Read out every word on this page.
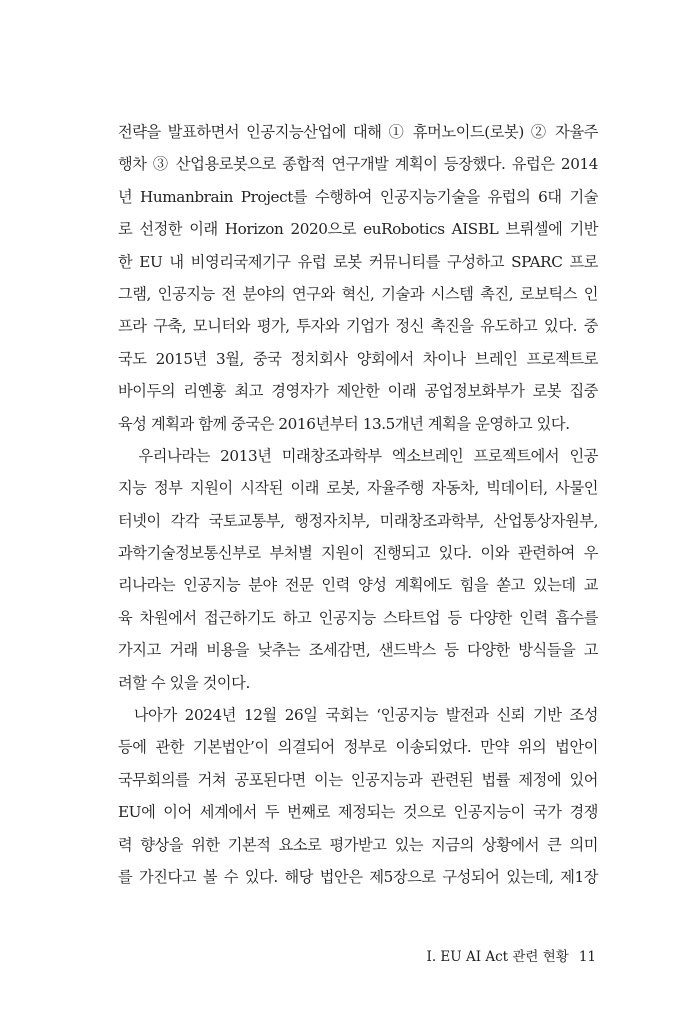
전략을 발표하면서 인공지능산업에 대해 ① 휴머노이드(로봇) ② 자율주
행차 ③ 산업용로봇으로 종합적 연구개발 계획이 등장했다. 유럽은 2014
년 Humanbrain Project를 수행하여 인공지능기술을 유럽의 6대 기술
로 선정한 이래 Horizon 2020으로 euRobotics AISBL 브뤼셀에 기반
한 EU 내 비영리국제기구 유럽 로봇 커뮤니티를 구성하고 SPARC 프로
그램, 인공지능 전 분야의 연구와 혁신, 기술과 시스템 촉진, 로보틱스 인
프라 구축, 모니터와 평가, 투자와 기업가 정신 촉진을 유도하고 있다. 중
국도 2015년 3월, 중국 정치회사 양회에서 차이나 브레인 프로젝트로
바이두의 리옌훙 최고 경영자가 제안한 이래 공업정보화부가 로봇 집중
육성 계획과 함께 중국은 2016년부터 13.5개년 계획을 운영하고 있다.
우리나라는 2013년 미래창조과학부 엑소브레인 프로젝트에서 인공
지능 정부 지원이 시작된 이래 로봇, 자율주행 자동차, 빅데이터, 사물인
터넷이 각각 국토교통부, 행정자치부, 미래창조과학부, 산업통상자원부,
과학기술정보통신부로 부처별 지원이 진행되고 있다. 이와 관련하여 우
리나라는 인공지능 분야 전문 인력 양성 계획에도 힘을 쏟고 있는데 교
육 차원에서 접근하기도 하고 인공지능 스타트업 등 다양한 인력 흡수를
가지고 거래 비용을 낮추는 조세감면, 샌드박스 등 다양한 방식들을 고
려할 수 있을 것이다.
나아가 2024년 12월 26일 국회는 ‘인공지능 발전과 신뢰 기반 조성
등에 관한 기본법안’이 의결되어 정부로 이송되었다. 만약 위의 법안이
국무회의를 거쳐 공포된다면 이는 인공지능과 관련된 법률 제정에 있어
EU에 이어 세계에서 두 번째로 제정되는 것으로 인공지능이 국가 경쟁
력 향상을 위한 기본적 요소로 평가받고 있는 지금의 상황에서 큰 의미
를 가진다고 볼 수 있다. 해당 법안은 제5장으로 구성되어 있는데, 제1장
I. EU AI Act 관련 현황 11
